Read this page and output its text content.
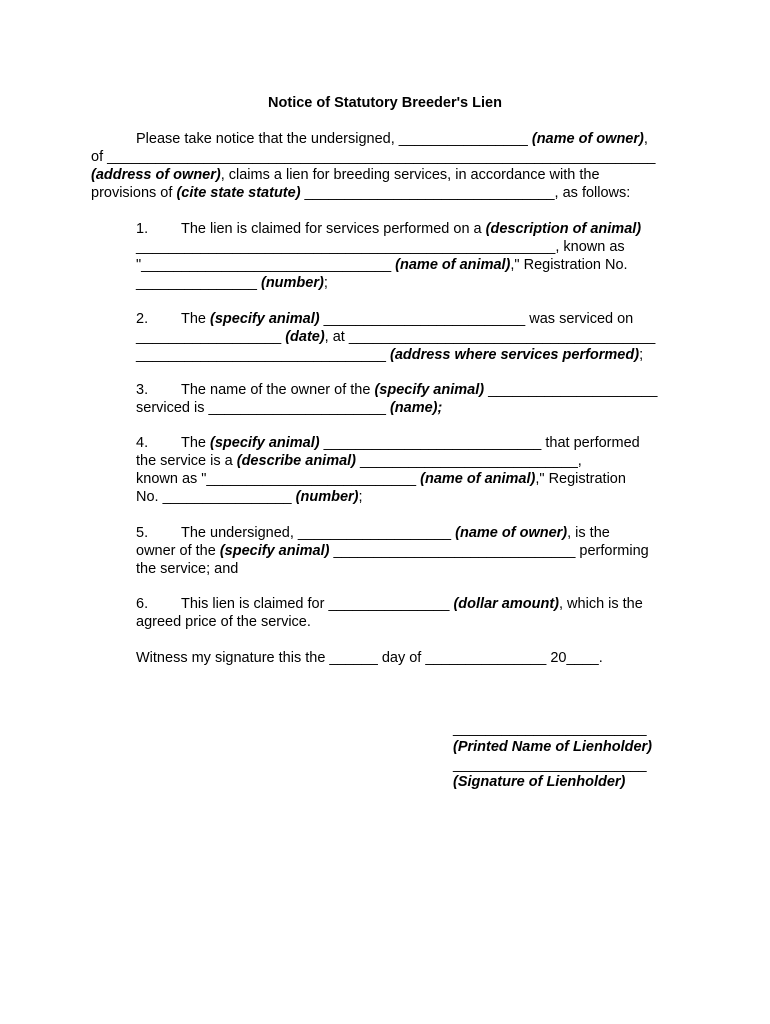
Notice of Statutory Breeder's Lien
Please take notice that the undersigned, ________________ (name of owner),
of ____________________________________________________________________
(address of owner), claims a lien for breeding services, in accordance with the
provisions of (cite state statute) _______________________________, as follows:
1. The lien is claimed for services performed on a (description of animal)
____________________________________________________, known as
"_______________________________ (name of animal)," Registration No.
_______________ (number);
2. The (specify animal) _________________________ was serviced on
__________________ (date), at ______________________________________
_______________________________ (address where services performed);
3. The name of the owner of the (specify animal) _____________________
serviced is ______________________ (name);
4. The (specify animal) ___________________________ that performed
the service is a (describe animal) ___________________________,
known as "__________________________ (name of animal)," Registration
No. ________________ (number);
5. The undersigned, ___________________ (name of owner), is the
owner of the (specify animal) ______________________________ performing
the service; and
6. This lien is claimed for _______________ (dollar amount), which is the
agreed price of the service.
Witness my signature this the ______ day of _______________ 20____.
________________________
(Printed Name of Lienholder)
________________________
(Signature of Lienholder)
